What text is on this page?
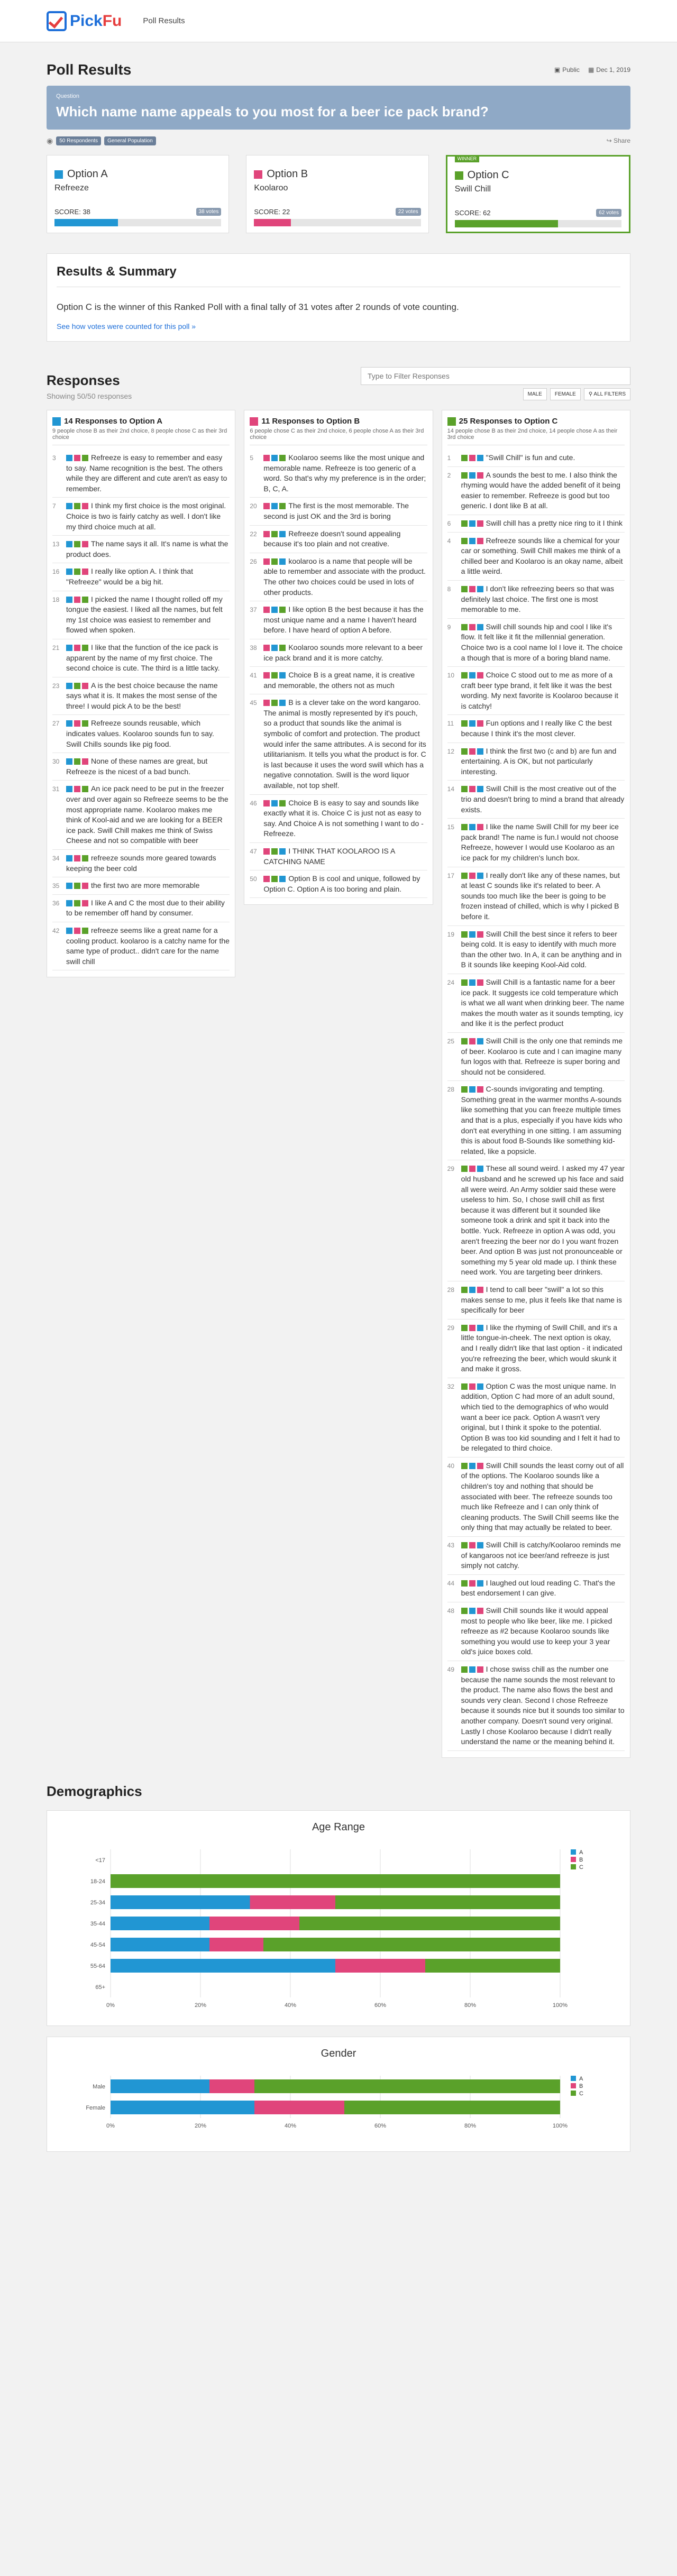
PickFu	Poll Results
Poll Results	▣ Public ▦ Dec 1, 2019
Question
Which name name appeals to you most for a beer ice pack brand?
◉	50 Respondents	General Population	↪ Share
Option A
Refreeze
SCORE: 38	38 votes
Option B
Koolaroo
SCORE: 22	22 votes
WINNER
Option C
Swill Chill
SCORE: 62	62 votes
Results & Summary

Option C is the winner of this Ranked Poll with a final tally of 31 votes after 2 rounds of vote counting.

See how votes were counted for this poll »
Responses
Showing 50/50 responses
Type to Filter Responses	MALE	FEMALE	⚲ ALL FILTERS
14 Responses to Option A
9 people chose B as their 2nd choice, 8 people chose C as their 3rd choice
3	Refreeze is easy to remember and easy to say. Name recognition is the best. The others while they are different and cute aren't as easy to remember.
7	I think my first choice is the most original. Choice is two is fairly catchy as well. I don't like my third choice much at all.
13	The name says it all. It's name is what the product does.
16	I really like option A. I think that "Refreeze" would be a big hit.
18	I picked the name I thought rolled off my tongue the easiest. I liked all the names, but felt my 1st choice was easiest to remember and flowed when spoken.
21	I like that the function of the ice pack is apparent by the name of my first choice. The second choice is cute. The third is a little tacky.
23	A is the best choice because the name says what it is. It makes the most sense of the three! I would pick A to be the best!
27	Refreeze sounds reusable, which indicates values. Koolaroo sounds fun to say. Swill Chills sounds like pig food.
30	None of these names are great, but Refreeze is the nicest of a bad bunch.
31	An ice pack need to be put in the freezer over and over again so Refreeze seems to be the most appropriate name. Koolaroo makes me think of Kool-aid and we are looking for a BEER ice pack. Swill Chill makes me think of Swiss Cheese and not so compatible with beer
34	refreeze sounds more geared towards keeping the beer cold
35	the first two are more memorable
36	I like A and C the most due to their ability to be remember off hand by consumer.
42	refreeze seems like a great name for a cooling product. koolaroo is a catchy name for the same type of product.. didn't care for the name swill chill
11 Responses to Option B
6 people chose C as their 2nd choice, 6 people chose A as their 3rd choice
5	Koolaroo seems like the most unique and memorable name. Refreeze is too generic of a word. So that's why my preference is in the order; B, C, A.
20	The first is the most memorable. The second is just OK and the 3rd is boring
22	Refreeze doesn't sound appealing because it's too plain and not creative.
26	koolaroo is a name that people will be able to remember and associate with the product. The other two choices could be used in lots of other products.
37	I like option B the best because it has the most unique name and a name I haven't heard before. I have heard of option A before.
38	Koolaroo sounds more relevant to a beer ice pack brand and it is more catchy.
41	Choice B is a great name, it is creative and memorable, the others not as much
45	B is a clever take on the word kangaroo. The animal is mostly represented by it's pouch, so a product that sounds like the animal is symbolic of comfort and protection. The product would infer the same attributes. A is second for its utilitarianism. It tells you what the product is for. C is last because it uses the word swill which has a negative connotation. Swill is the word liquor available, not top shelf.
46	Choice B is easy to say and sounds like exactly what it is. Choice C is just not as easy to say. And Choice A is not something I want to do - Refreeze.
47	I THINK THAT KOOLAROO IS A CATCHING NAME
50	Option B is cool and unique, followed by Option C. Option A is too boring and plain.
25 Responses to Option C
14 people chose B as their 2nd choice, 14 people chose A as their 3rd choice
1	"Swill Chill" is fun and cute.
2	A sounds the best to me. I also think the rhyming would have the added benefit of it being easier to remember. Refreeze is good but too generic. I dont like B at all.
6	Swill chill has a pretty nice ring to it I think
4	Refreeze sounds like a chemical for your car or something. Swill Chill makes me think of a chilled beer and Koolaroo is an okay name, albeit a little weird.
8	I don't like refreezing beers so that was definitely last choice. The first one is most memorable to me.
9	Swill chill sounds hip and cool I like it's flow. It felt like it fit the millennial generation. Choice two is a cool name lol I love it. The choice a though that is more of a boring bland name.
10	Choice C stood out to me as more of a craft beer type brand, it felt like it was the best wording. My next favorite is Koolaroo because it is catchy!
11	Fun options and I really like C the best because I think it's the most clever.
12	I think the first two (c and b) are fun and entertaining. A is OK, but not particularly interesting.
14	Swill Chill is the most creative out of the trio and doesn't bring to mind a brand that already exists.
15	I like the name Swill Chill for my beer ice pack brand! The name is fun.I would not choose Refreeze, however I would use Koolaroo as an ice pack for my children's lunch box.
17	I really don't like any of these names, but at least C sounds like it's related to beer. A sounds too much like the beer is going to be frozen instead of chilled, which is why I picked B before it.
19	Swill Chill the best since it refers to beer being cold. It is easy to identify with much more than the other two. In A, it can be anything and in B it sounds like keeping Kool-Aid cold.
24	Swill Chill is a fantastic name for a beer ice pack. It suggests ice cold temperature which is what we all want when drinking beer. The name makes the mouth water as it sounds tempting, icy and like it is the perfect product
25	Swill Chill is the only one that reminds me of beer. Koolaroo is cute and I can imagine many fun logos with that. Refreeze is super boring and should not be considered.
28	C-sounds invigorating and tempting. Something great in the warmer months A-sounds like something that you can freeze multiple times and that is a plus, especially if you have kids who don't eat everything in one sitting. I am assuming this is about food B-Sounds like something kid-related, like a popsicle.
29	These all sound weird. I asked my 47 year old husband and he screwed up his face and said all were weird. An Army soldier said these were useless to him. So, I chose swill chill as first because it was different but it sounded like someone took a drink and spit it back into the bottle. Yuck. Refreeze in option A was odd, you aren't freezing the beer nor do I you want frozen beer. And option B was just not pronounceable or something my 5 year old made up. I think these need work. You are targeting beer drinkers.
28	I tend to call beer "swill" a lot so this makes sense to me, plus it feels like that name is specifically for beer
29	I like the rhyming of Swill Chill, and it's a little tongue-in-cheek. The next option is okay, and I really didn't like that last option - it indicated you're refreezing the beer, which would skunk it and make it gross.
32	Option C was the most unique name. In addition, Option C had more of an adult sound, which tied to the demographics of who would want a beer ice pack. Option A wasn't very original, but I think it spoke to the potential. Option B was too kid sounding and I felt it had to be relegated to third choice.
40	Swill Chill sounds the least corny out of all of the options. The Koolaroo sounds like a children's toy and nothing that should be associated with beer. The refreeze sounds too much like Refreeze and I can only think of cleaning products. The Swill Chill seems like the only thing that may actually be related to beer.
43	Swill Chill is catchy/Koolaroo reminds me of kangaroos not ice beer/and refreeze is just simply not catchy.
44	I laughed out loud reading C. That's the best endorsement I can give.
48	Swill Chill sounds like it would appeal most to people who like beer, like me. I picked refreeze as #2 because Koolaroo sounds like something you would use to keep your 3 year old's juice boxes cold.
49	I chose swiss chill as the number one because the name sounds the most relevant to the product. The name also flows the best and sounds very clean. Second I chose Refreeze because it sounds nice but it sounds too similar to another company. Doesn't sound very original. Lastly I chose Koolaroo because I didn't really understand the name or the meaning behind it.
Demographics
Age Range
0%	20%	40%	60%	80%	100%
<17
18-24
25-34
35-44
45-54
55-64
65+
A
B
C
Gender
0%	20%	40%	60%	80%	100%
Male
Female
A
B
C
